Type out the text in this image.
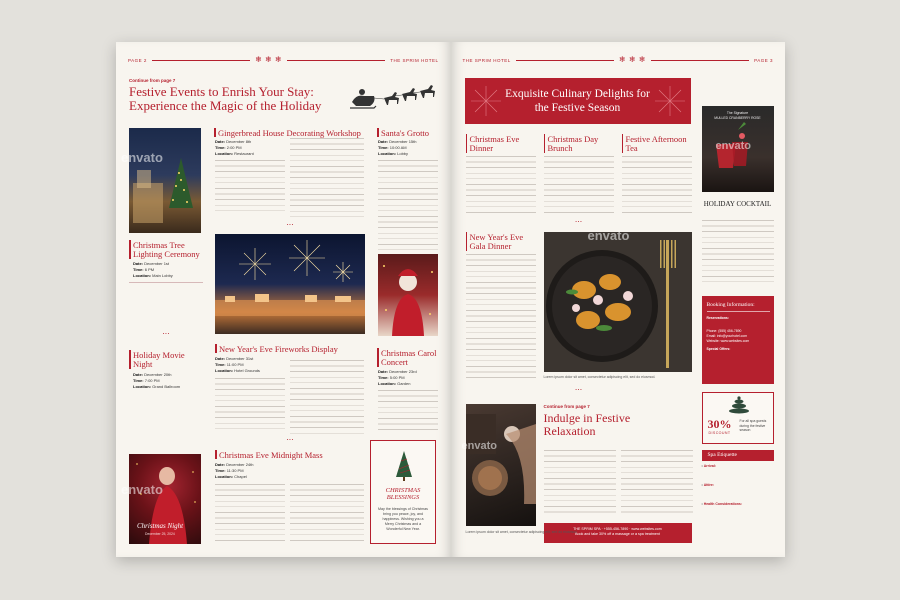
PAGE 2	❄ ❄ ❄	THE SPRIM HOTEL
Continue from page 7
Festive Events to Enrish Your Stay:
Experience the Magic of the Holiday
envato
Christmas Tree Lighting Ceremony
Date: December 1st
Time: 6 PM
Location: Main Lobby
• • •
Holiday Movie Night
Date: December 20th
Time: 7:00 PM
Location: Grand Ballroom
Christmas Night
December 25, 2024
envato
Gingerbread House Decorating Workshop
Date: December 8th
Time: 2:00 PM
Location: Restaurant
• • •
New Year's Eve Fireworks Display
Date: December 31st
Time: 11:00 PM
Location: Hotel Grounds
• • •
Christmas Eve Midnight Mass
Date: December 24th
Time: 11:30 PM
Location: Chapel
Santa's Grotto
Date: December 15th
Time: 10:00 AM
Location: Lobby
Christmas Carol Concert
Date: December 23rd
Time: 5:00 PM
Location: Garden
CHRISTMAS BLESSINGS
May the blessings of Christmas bring you peace, joy, and happiness. Wishing you a Merry Christmas and a Wonderful New Year.
THE SPRIM HOTEL	❄ ❄ ❄	PAGE 3
Exquisite Culinary Delights for
the Festive Season
Christmas Eve Dinner
Christmas Day Brunch
Festive Afternoon Tea
• • •
New Year's Eve Gala Dinner
envato
Lorem ipsum dolor sit amet, consectetur adipiscing elit, sed do eiusmod.
The Signature
MULLED CRANBERRY ROSE
envato
HOLIDAY COCKTAIL
Booking Information:
Reservations:
Phone: (555) 456-7890
Email: info@yourhotel.com
Website: www.websites.com
Special Offers:
• • •
envato
Continue from page 7
Indulge in Festive
Relaxation
THE SPRIM SPA · +555-456-7890 · www.websites.com
Book and take 30% off a massage or a spa treatment
Lorem ipsum dolor sit amet, consectetur adipiscing elit, sed do eiusmod.
30%
DISCOUNT
For all spa guests during the festive season
Spa Etiquette
• Arrival:
• Attire:
• Health Considerations:
